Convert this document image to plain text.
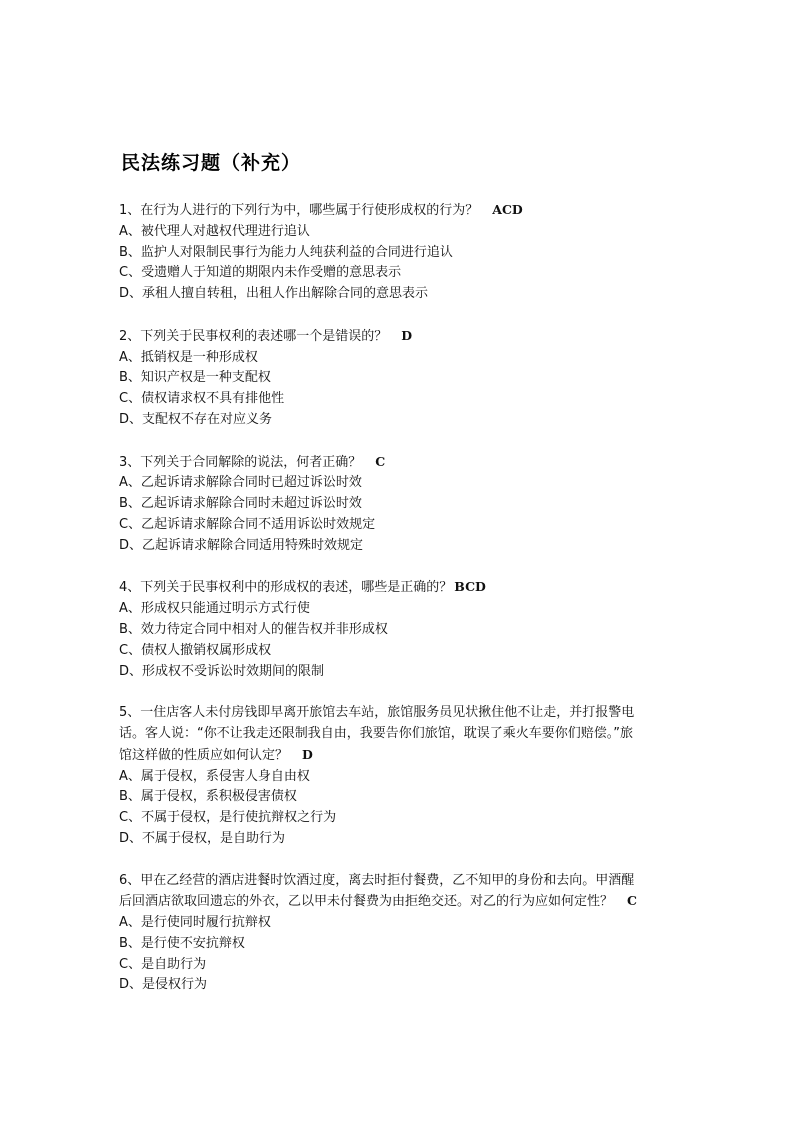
民法练习题（补充）
1、在行为人进行的下列行为中，哪些属于行使形成权的行为？ ACD
A、被代理人对越权代理进行追认
B、监护人对限制民事行为能力人纯获利益的合同进行追认
C、受遗赠人于知道的期限内未作受赠的意思表示
D、承租人擅自转租，出租人作出解除合同的意思表示
2、下列关于民事权利的表述哪一个是错误的？ D
A、抵销权是一种形成权
B、知识产权是一种支配权
C、债权请求权不具有排他性
D、支配权不存在对应义务
3、下列关于合同解除的说法，何者正确？ C
A、乙起诉请求解除合同时已超过诉讼时效
B、乙起诉请求解除合同时未超过诉讼时效
C、乙起诉请求解除合同不适用诉讼时效规定
D、乙起诉请求解除合同适用特殊时效规定
4、下列关于民事权利中的形成权的表述，哪些是正确的？ BCD
A、形成权只能通过明示方式行使
B、效力待定合同中相对人的催告权并非形成权
C、债权人撤销权属形成权
D、形成权不受诉讼时效期间的限制
5、一住店客人未付房钱即早离开旅馆去车站，旅馆服务员见状揪住他不让走，并打报警电
话。客人说：“你不让我走还限制我自由，我要告你们旅馆，耽误了乘火车要你们赔偿。”旅
馆这样做的性质应如何认定？ D
A、属于侵权，系侵害人身自由权
B、属于侵权，系积极侵害债权
C、不属于侵权，是行使抗辩权之行为
D、不属于侵权，是自助行为
6、甲在乙经营的酒店进餐时饮酒过度，离去时拒付餐费，乙不知甲的身份和去向。甲酒醒
后回酒店欲取回遗忘的外衣，乙以甲未付餐费为由拒绝交还。对乙的行为应如何定性？ C
A、是行使同时履行抗辩权
B、是行使不安抗辩权
C、是自助行为
D、是侵权行为
